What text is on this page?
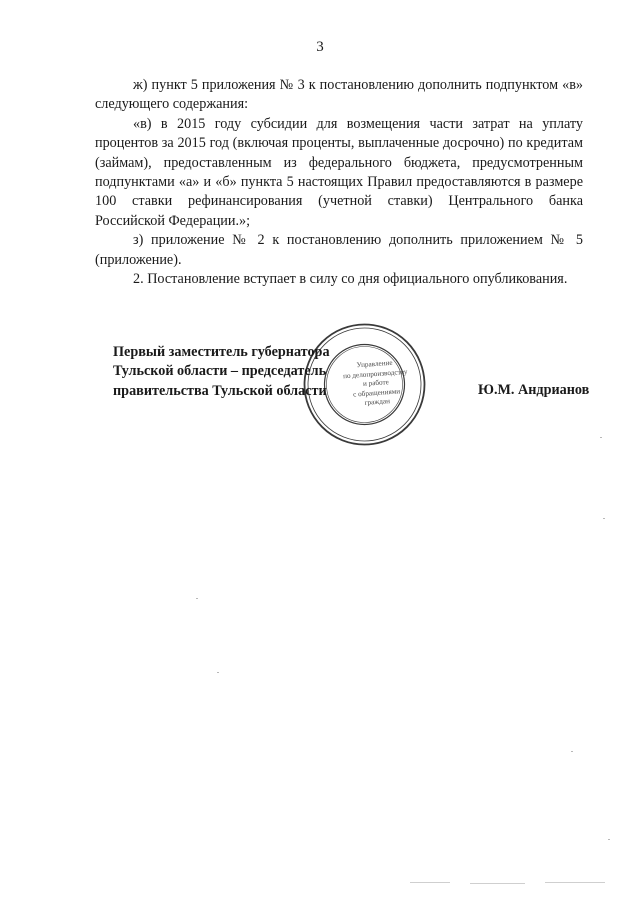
3

ж) пункт 5 приложения № 3 к постановлению дополнить подпунктом «в» следующего содержания:

«в) в 2015 году субсидии для возмещения части затрат на уплату процентов за 2015 год (включая проценты, выплаченные досрочно) по кредитам (займам), предоставленным из федерального бюджета, предусмотренным подпунктами «а» и «б» пункта 5 настоящих Правил предоставляются в размере 100 ставки рефинансирования (учетной ставки) Центрального банка Российской Федерации.»;

з) приложение № 2 к постановлению дополнить приложением № 5 (приложение).

2. Постановление вступает в силу со дня официального опубликования.

Управление
по делопроизводству
и работе
с обращениями
граждан
Первый заместитель губернатора
Тульской области – председатель
правительства Тульской области	Ю.М. Андрианов
